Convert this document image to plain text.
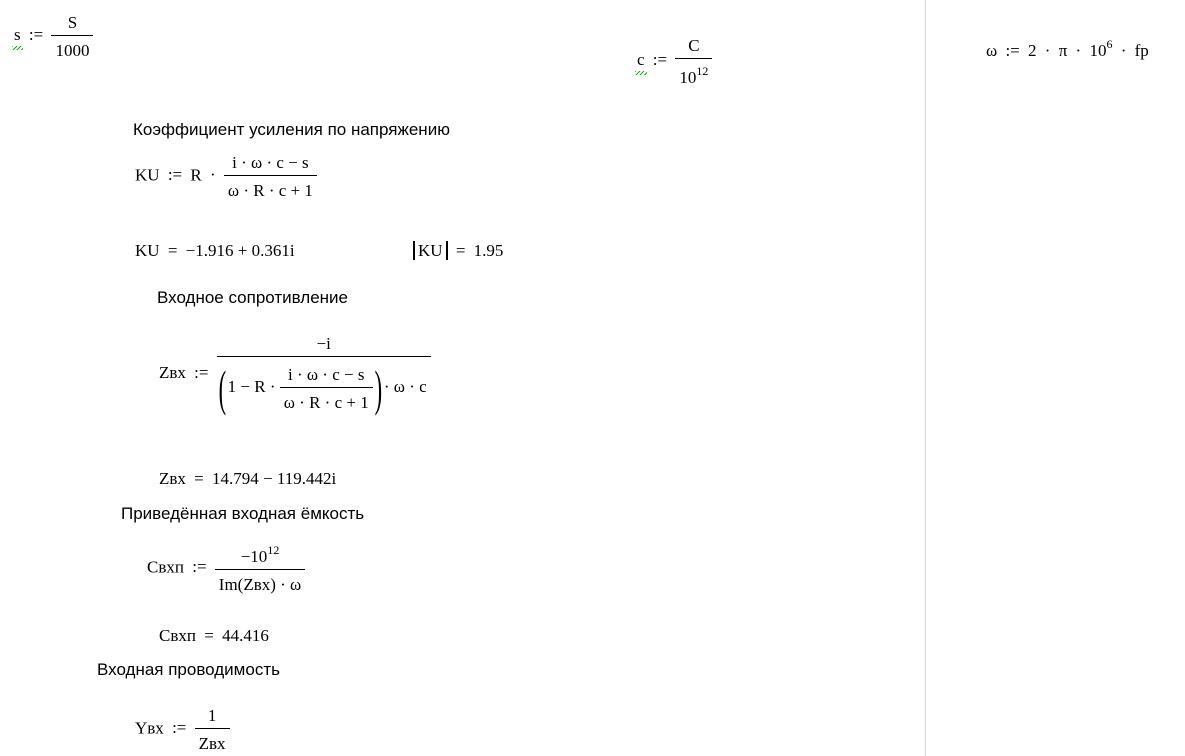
s := $\frac{S}{1000}$
c := $\frac{C}{10^{12}}$	ω := $2 \cdot \pi \cdot 10^6$ · fp
Коэффициент усиления по напряжению
KU := $R \cdot \frac{i \cdot \omega \cdot c - s}{\omega \cdot R \cdot c + 1}$
KU = −1.916 + 0.361i	KU = 1.95
Входное сопротивление
Zвх :=
−i
( $1 - R \cdot \frac{i \cdot \omega \cdot c - s}{\omega \cdot R \cdot c + 1}$ ) · ω · c
Zвх = 14.794 − 119.442i
Приведённая входная ёмкость
Cвхп := $\frac{-10^{12}}{\text{Im(Zвх) · ω}}$
Cвхп = 44.416
Входная проводимость
Yвх := $\frac{1}{\text{Zвх}}$
